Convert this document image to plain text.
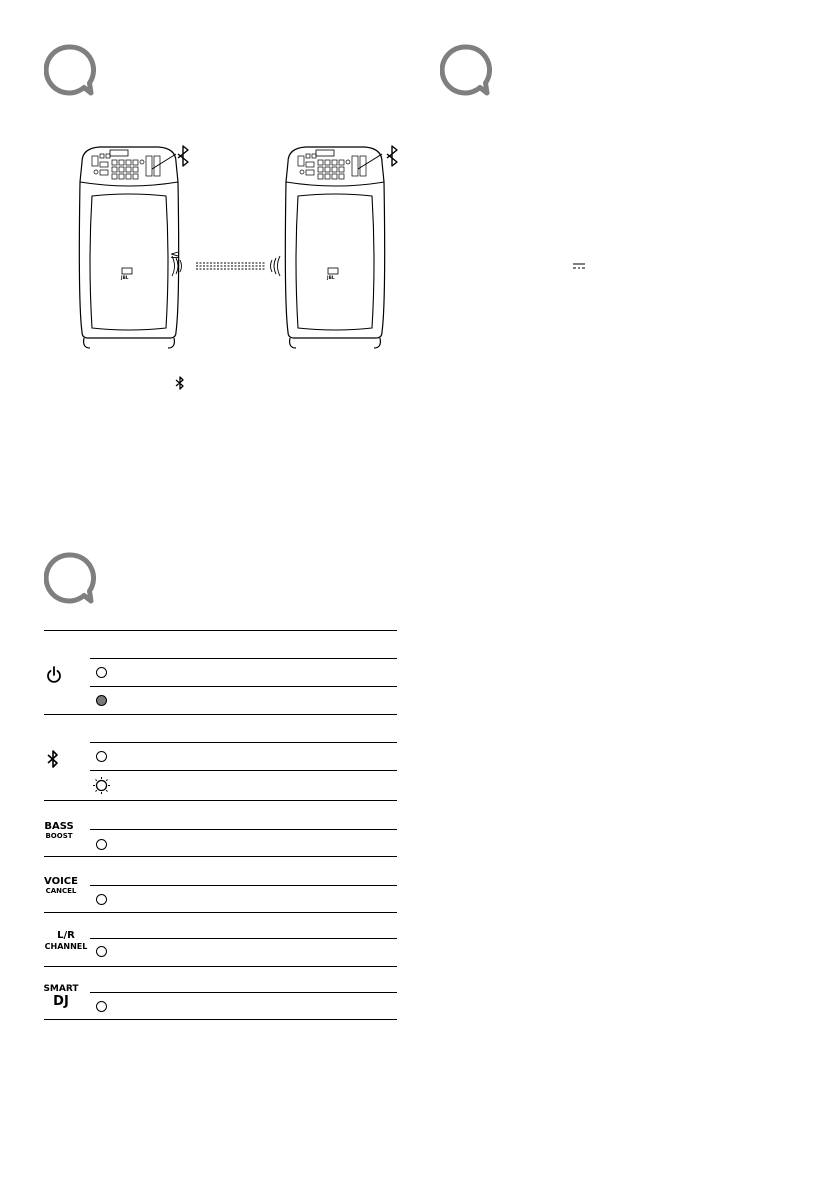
≤
JBL	JBL
BASS
BOOST
VOICE
CANCEL
L/R
CHANNEL
SMART
DJ
